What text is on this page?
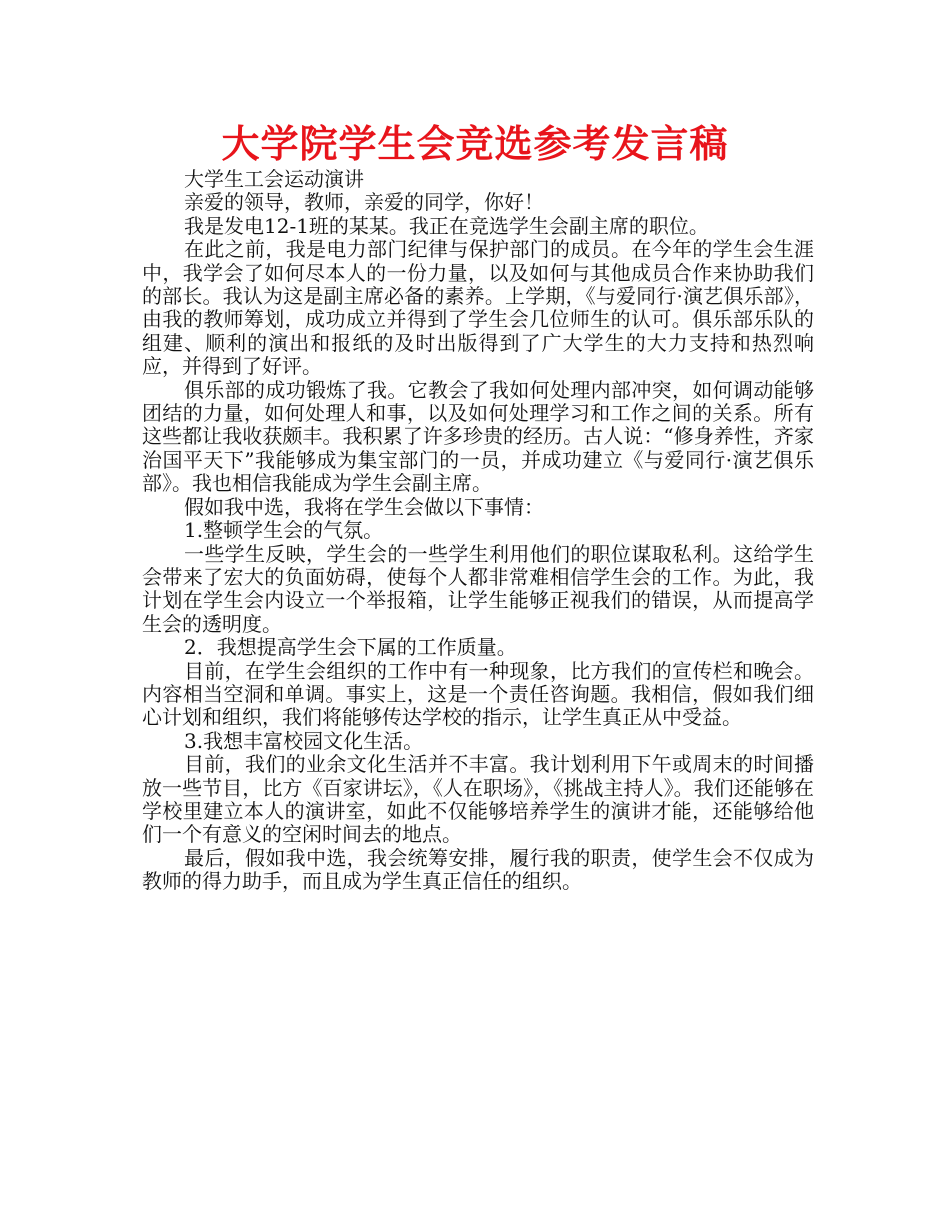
大学院学生会竞选参考发言稿

大学生工会运动演讲

亲爱的领导，教师，亲爱的同学，你好！

我是发电12-1班的某某。我正在竞选学生会副主席的职位。

在此之前，我是电力部门纪律与保护部门的成员。在今年的学生会生涯中，我学会了如何尽本人的一份力量，以及如何与其他成员合作来协助我们的部长。我认为这是副主席必备的素养。上学期，《与爱同行·演艺俱乐部》，由我的教师筹划，成功成立并得到了学生会几位师生的认可。俱乐部乐队的组建、顺利的演出和报纸的及时出版得到了广大学生的大力支持和热烈响应，并得到了好评。

俱乐部的成功锻炼了我。它教会了我如何处理内部冲突，如何调动能够团结的力量，如何处理人和事，以及如何处理学习和工作之间的关系。所有这些都让我收获颇丰。我积累了许多珍贵的经历。古人说：“修身养性，齐家治国平天下”我能够成为集宝部门的一员，并成功建立《与爱同行·演艺俱乐部》。我也相信我能成为学生会副主席。

假如我中选，我将在学生会做以下事情：

1.整顿学生会的气氛。

一些学生反映，学生会的一些学生利用他们的职位谋取私利。这给学生会带来了宏大的负面妨碍，使每个人都非常难相信学生会的工作。为此，我计划在学生会内设立一个举报箱，让学生能够正视我们的错误，从而提高学生会的透明度。

2．我想提高学生会下属的工作质量。

目前，在学生会组织的工作中有一种现象，比方我们的宣传栏和晚会。内容相当空洞和单调。事实上，这是一个责任咨询题。我相信，假如我们细心计划和组织，我们将能够传达学校的指示，让学生真正从中受益。

3.我想丰富校园文化生活。

目前，我们的业余文化生活并不丰富。我计划利用下午或周末的时间播放一些节目，比方《百家讲坛》，《人在职场》，《挑战主持人》。我们还能够在学校里建立本人的演讲室，如此不仅能够培养学生的演讲才能，还能够给他们一个有意义的空闲时间去的地点。

最后，假如我中选，我会统筹安排，履行我的职责，使学生会不仅成为教师的得力助手，而且成为学生真正信任的组织。
